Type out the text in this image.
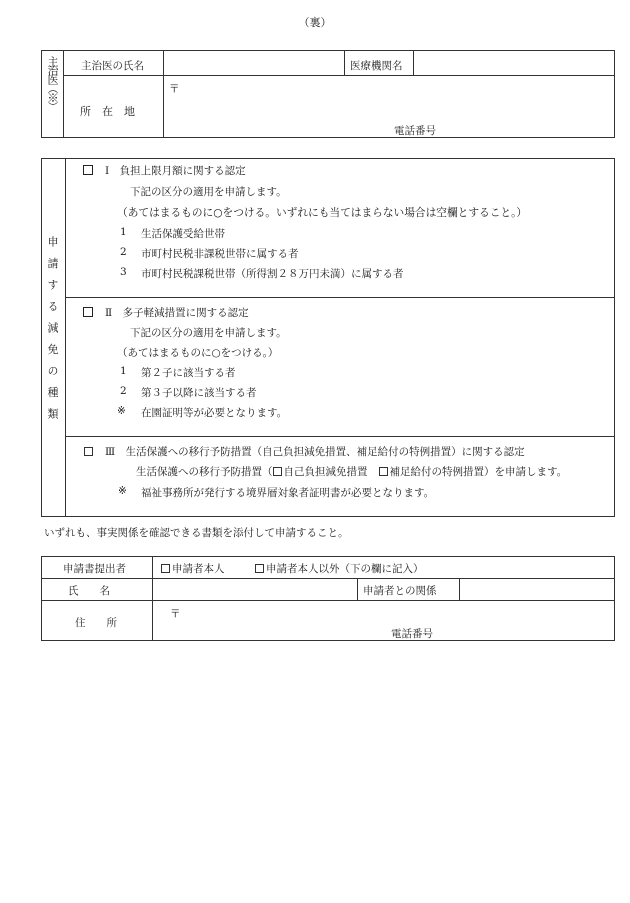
（裏）
主治医（※） 主治医の氏名	医療機関名
所　在　地
〒
電話番号
申請する減免の種類
Ⅰ　負担上限月額に関する認定
下記の区分の適用を申請します。
（あてはまるものに○をつける。いずれにも当てはまらない場合は空欄とすること。）
1 生活保護受給世帯
2 市町村民税非課税世帯に属する者
3 市町村民税課税世帯（所得割２８万円未満）に属する者
Ⅱ　多子軽減措置に関する認定
下記の区分の適用を申請します。
（あてはまるものに○をつける。）
1 第２子に該当する者
2 第３子以降に該当する者
※ 在園証明等が必要となります。
Ⅲ　生活保護への移行予防措置（自己負担減免措置、補足給付の特例措置）に関する認定
生活保護への移行予防措置（ 自己負担減免措置 補足給付の特例措置）を申請します。
※ 福祉事務所が発行する境界層対象者証明書が必要となります。
いずれも、事実関係を確認できる書類を添付して申請すること。
申請書提出者	申請者本人	申請者本人以外（下の欄に記入）
氏　　名	申請者との関係
住　　所
〒
電話番号
